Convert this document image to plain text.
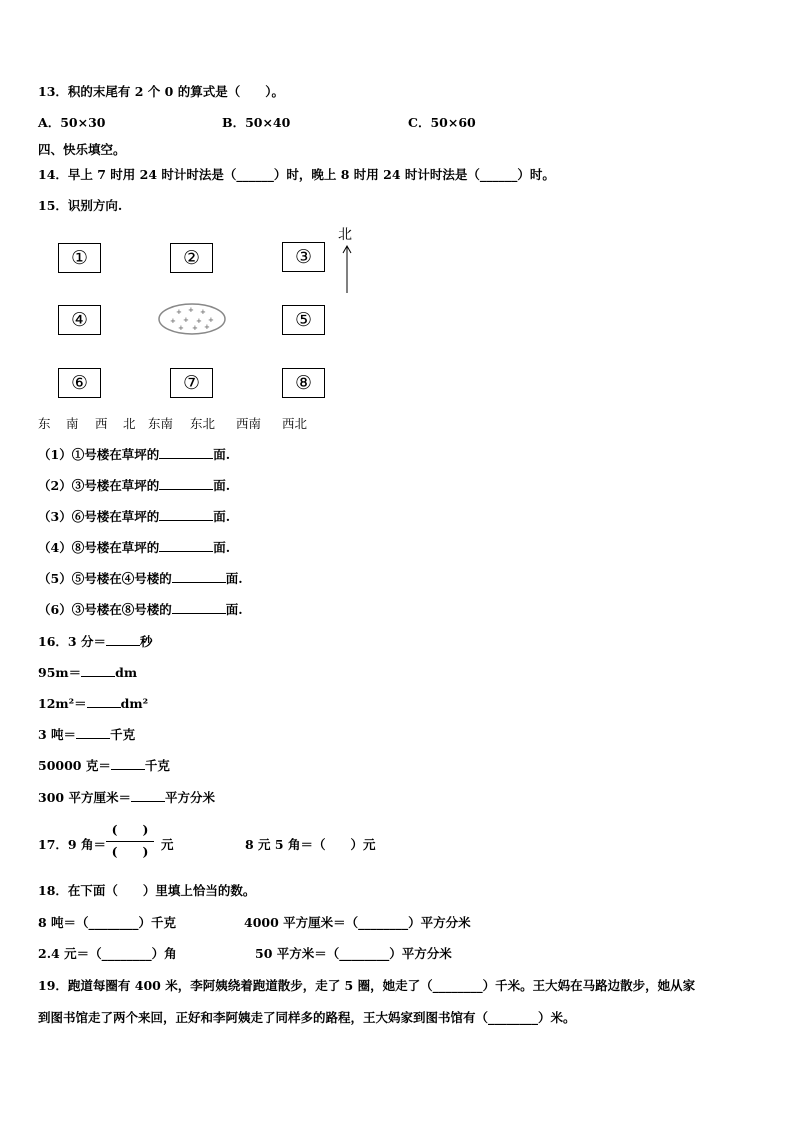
13．积的末尾有 2 个 0 的算式是（　　）。
A．50×30	B．50×40	C．50×60
四、快乐填空。
14．早上 7 时用 24 时计时法是（______）时，晚上 8 时用 24 时计时法是（______）时。
15．识别方向.
①	②	③
④	⑤
⑥	⑦	⑧
+ + +
+ + + +
+ + +
北
东 南 西 北 东南 东北 西南 西北
（1）①号楼在草坪的	面.
（2）③号楼在草坪的	面.
（3）⑥号楼在草坪的	面.
（4）⑧号楼在草坪的	面.
（5）⑤号楼在④号楼的	面.
（6）③号楼在⑧号楼的	面.
16．3 分＝	秒
95m＝	dm
12m²＝	dm²
3 吨＝	千克
50000 克＝	千克
300 平方厘米＝	平方分米
17．9 角＝
(　　)
(　　)	元	8 元 5 角＝（　　）元
18．在下面（　　）里填上恰当的数。
8 吨＝（________）千克	4000 平方厘米＝（________）平方分米
2.4 元＝（________）角	50 平方米＝（________）平方分米
19．跑道每圈有 400 米，李阿姨绕着跑道散步，走了 5 圈，她走了（________）千米。王大妈在马路边散步，她从家
到图书馆走了两个来回，正好和李阿姨走了同样多的路程，王大妈家到图书馆有（________）米。
